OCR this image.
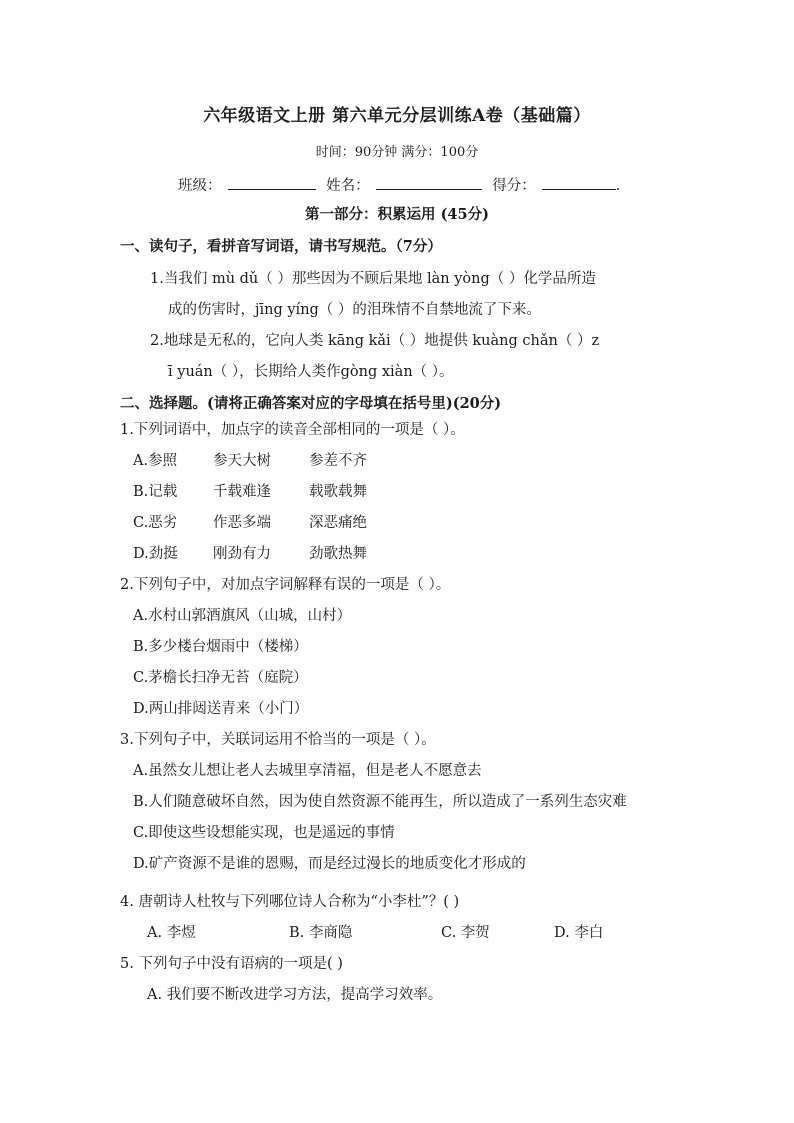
六年级语文上册 第六单元分层训练A卷（基础篇）
时间：90分钟 满分：100分
班级：	姓名：	得分：	.
第一部分：积累运用 (45分)
一、读句子，看拼音写词语，请书写规范。（7分）
1.当我们 mù dǔ（ ）那些因为不顾后果地 làn yòng（ ）化学品所造
成的伤害时，jīng yíng（ ）的泪珠情不自禁地流了下来。
2.地球是无私的，它向人类 kāng kǎi（ ）地提供 kuàng chǎn（ ）z
ī yuán（ ），长期给人类作gòng xiàn（ ）。
二、选择题。(请将正确答案对应的字母填在括号里)(20分)
1.下列词语中，加点字的读音全部相同的一项是（ ）。
A.参照 参天大树	参差不齐
B.记载 千载难逢	载歌载舞
C.恶劣 作恶多端	深恶痛绝
D.劲挺 刚劲有力	劲歌热舞
2.下列句子中，对加点字词解释有误的一项是（ ）。
A.水村山郭酒旗风（山城，山村）
B.多少楼台烟雨中（楼梯）
C.茅檐长扫净无苔（庭院）
D.两山排闼送青来（小门）
3.下列句子中，关联词运用不恰当的一项是（ ）。
A.虽然女儿想让老人去城里享清福，但是老人不愿意去
B.人们随意破坏自然，因为使自然资源不能再生，所以造成了一系列生态灾难
C.即使这些设想能实现，也是遥远的事情
D.矿产资源不是谁的恩赐，而是经过漫长的地质变化才形成的
4. 唐朝诗人杜牧与下列哪位诗人合称为“小李杜”？( )
A. 李煜	B. 李商隐	C. 李贺	D. 李白
5. 下列句子中没有语病的一项是( )
A. 我们要不断改进学习方法，提高学习效率。
